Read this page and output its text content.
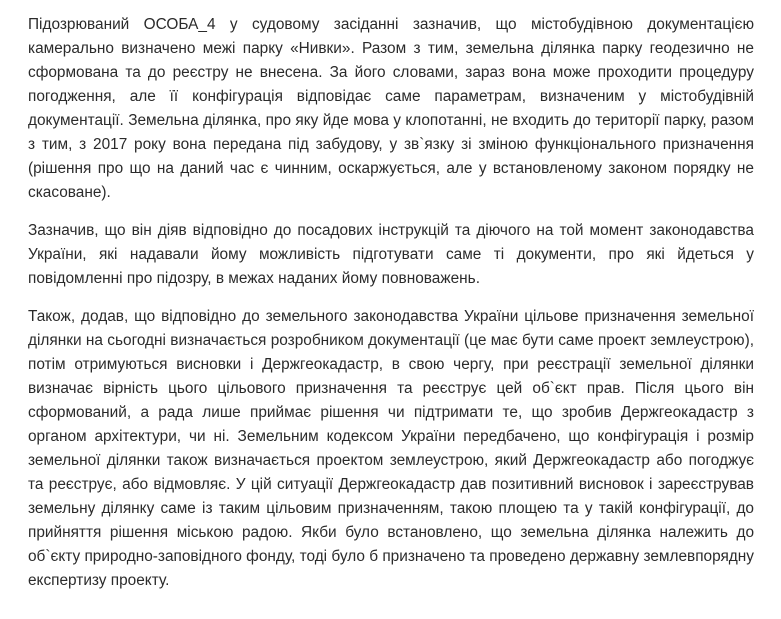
Підозрюваний ОСОБА_4 у судовому засіданні зазначив, що містобудівною документацією камерально визначено межі парку «Нивки». Разом з тим, земельна ділянка парку геодезично не сформована та до реєстру не внесена. За його словами, зараз вона може проходити процедуру погодження, але її конфігурація відповідає саме параметрам, визначеним у містобудівній документації. Земельна ділянка, про яку йде мова у клопотанні, не входить до території парку, разом з тим, з 2017 року вона передана під забудову, у зв`язку зі зміною функціонального призначення (рішення про що на даний час є чинним, оскаржується, але у встановленому законом порядку не скасоване).

Зазначив, що він діяв відповідно до посадових інструкцій та діючого на той момент законодавства України, які надавали йому можливість підготувати саме ті документи, про які йдеться у повідомленні про підозру, в межах наданих йому повноважень.

Також, додав, що відповідно до земельного законодавства України цільове призначення земельної ділянки на сьогодні визначається розробником документації (це має бути саме проект землеустрою), потім отримуються висновки і Держгеокадастр, в свою чергу, при реєстрації земельної ділянки визначає вірність цього цільового призначення та реєструє цей об`єкт прав. Після цього він сформований, а рада лише приймає рішення чи підтримати те, що зробив Держгеокадастр з органом архітектури, чи ні. Земельним кодексом України передбачено, що конфігурація і розмір земельної ділянки також визначається проектом землеустрою, який Держгеокадастр або погоджує та реєструє, або відмовляє. У цій ситуації Держгеокадастр дав позитивний висновок і зареєстрував земельну ділянку саме із таким цільовим призначенням, такою площею та у такій конфігурації, до прийняття рішення міською радою. Якби було встановлено, що земельна ділянка належить до об`єкту природно-заповідного фонду, тоді було б призначено та проведено державну землевпорядну експертизу проекту.
